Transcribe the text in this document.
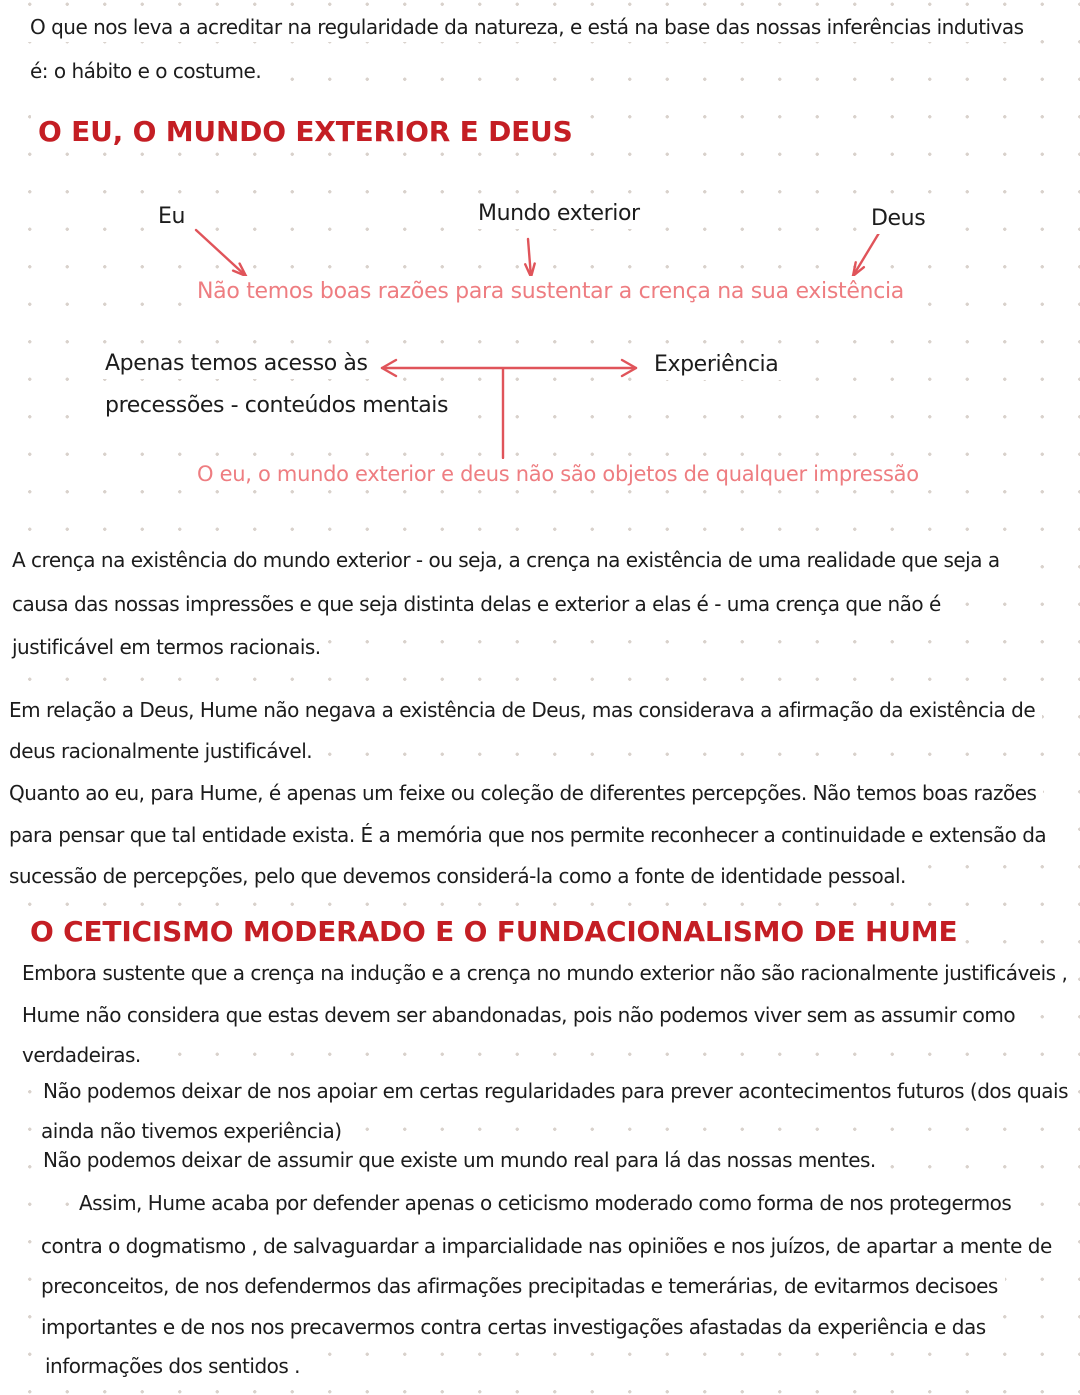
O que nos leva a acreditar na regularidade da natureza, e está na base das nossas inferências indutivas
é: o hábito e o costume.
O EU, O MUNDO EXTERIOR E DEUS
Eu	Mundo exterior	Deus
Não temos boas razões para sustentar a crença na sua existência
Apenas temos acesso às
precessões - conteúdos mentais
Experiência
O eu, o mundo exterior e deus não são objetos de qualquer impressão
A crença na existência do mundo exterior - ou seja, a crença na existência de uma realidade que seja a
causa das nossas impressões e que seja distinta delas e exterior a elas é - uma crença que não é
justificável em termos racionais.
Em relação a Deus, Hume não negava a existência de Deus, mas considerava a afirmação da existência de
deus racionalmente justificável.
Quanto ao eu, para Hume, é apenas um feixe ou coleção de diferentes percepções. Não temos boas razões
para pensar que tal entidade exista. É a memória que nos permite reconhecer a continuidade e extensão da
sucessão de percepções, pelo que devemos considerá-la como a fonte de identidade pessoal.
O CETICISMO MODERADO E O FUNDACIONALISMO DE HUME
Embora sustente que a crença na indução e a crença no mundo exterior não são racionalmente justificáveis ,
Hume não considera que estas devem ser abandonadas, pois não podemos viver sem as assumir como
verdadeiras.
Não podemos deixar de nos apoiar em certas regularidades para prever acontecimentos futuros (dos quais
ainda não tivemos experiência)
Não podemos deixar de assumir que existe um mundo real para lá das nossas mentes.
Assim, Hume acaba por defender apenas o ceticismo moderado como forma de nos protegermos
contra o dogmatismo , de salvaguardar a imparcialidade nas opiniões e nos juízos, de apartar a mente de
preconceitos, de nos defendermos das afirmações precipitadas e temerárias, de evitarmos decisoes
importantes e de nos nos precavermos contra certas investigações afastadas da experiência e das
informações dos sentidos .
